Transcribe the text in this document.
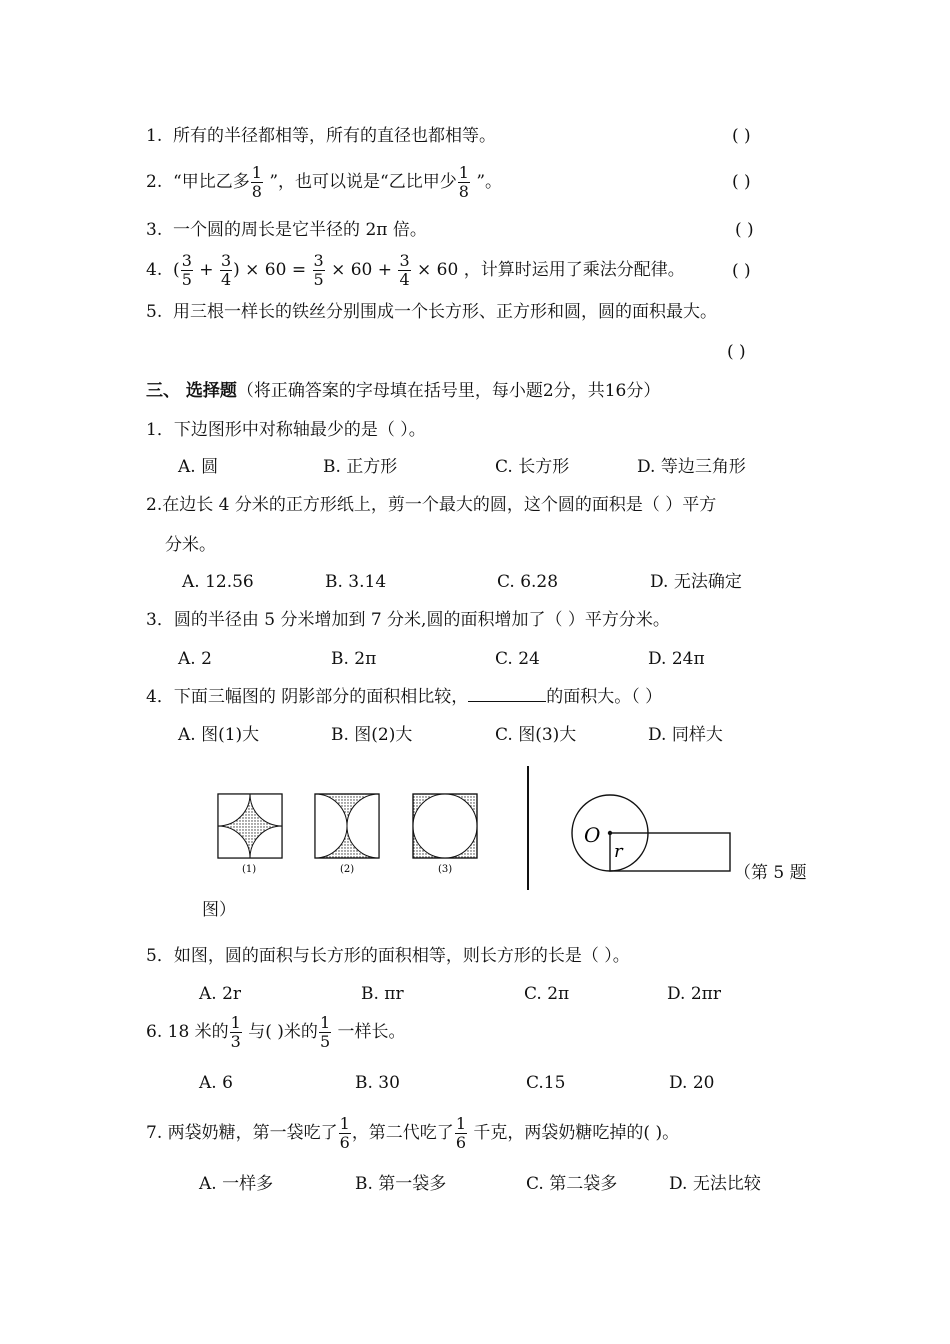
1. 所有的半径都相等，所有的直径也都相等。	( )
2. “甲比乙多 $\frac{1}{8}$ ”，也可以说是“乙比甲少 $\frac{1}{8}$ ”。	( )
3. 一个圆的周长是它半径的 2π 倍。	( )
4. ( $\frac{3}{5} + \frac{3}{4}$ ) × $60 = \frac{3}{5} \times 60 + \frac{3}{4} \times 60$ ，计算时运用了乘法分配律。	( )
5. 用三根一样长的铁丝分别围成一个长方形、正方形和圆，圆的面积最大。
( )
三、 选择题（将正确答案的字母填在括号里，每小题2分，共16分）
1．下边图形中对称轴最少的是（ ）。
A. 圆	B. 正方形	C. 长方形	D. 等边三角形
2.在边长 4 分米的正方形纸上，剪一个最大的圆，这个圆的面积是（ ）平方
分米。
A. 12.56	B. 3.14	C. 6.28	D. 无法确定
3．圆的半径由 5 分米增加到 7 分米,圆的面积增加了（ ）平方分米。
A. 2	B. 2π	C. 24	D. 24π
4．下面三幅图的 阴影部分的面积相比较，	的面积大。（ ）
A. 图(1)大	B. 图(2)大	C. 图(3)大	D. 同样大
(1)	(2)	(3)
O
r
（第 5 题
图）
5．如图，圆的面积与长方形的面积相等，则长方形的长是（ ）。
A. 2r	B. πr	C. 2π	D. 2πr
6. 18 米的 $\frac{1}{3}$ 与( )米的 $\frac{1}{5}$ 一样长。
A. 6	B. 30	C.15	D. 20
7. 两袋奶糖，第一袋吃了 $\frac{1}{6}$ ，第二代吃了 $\frac{1}{6}$ 千克，两袋奶糖吃掉的( )。
A. 一样多	B. 第一袋多	C. 第二袋多	D. 无法比较
